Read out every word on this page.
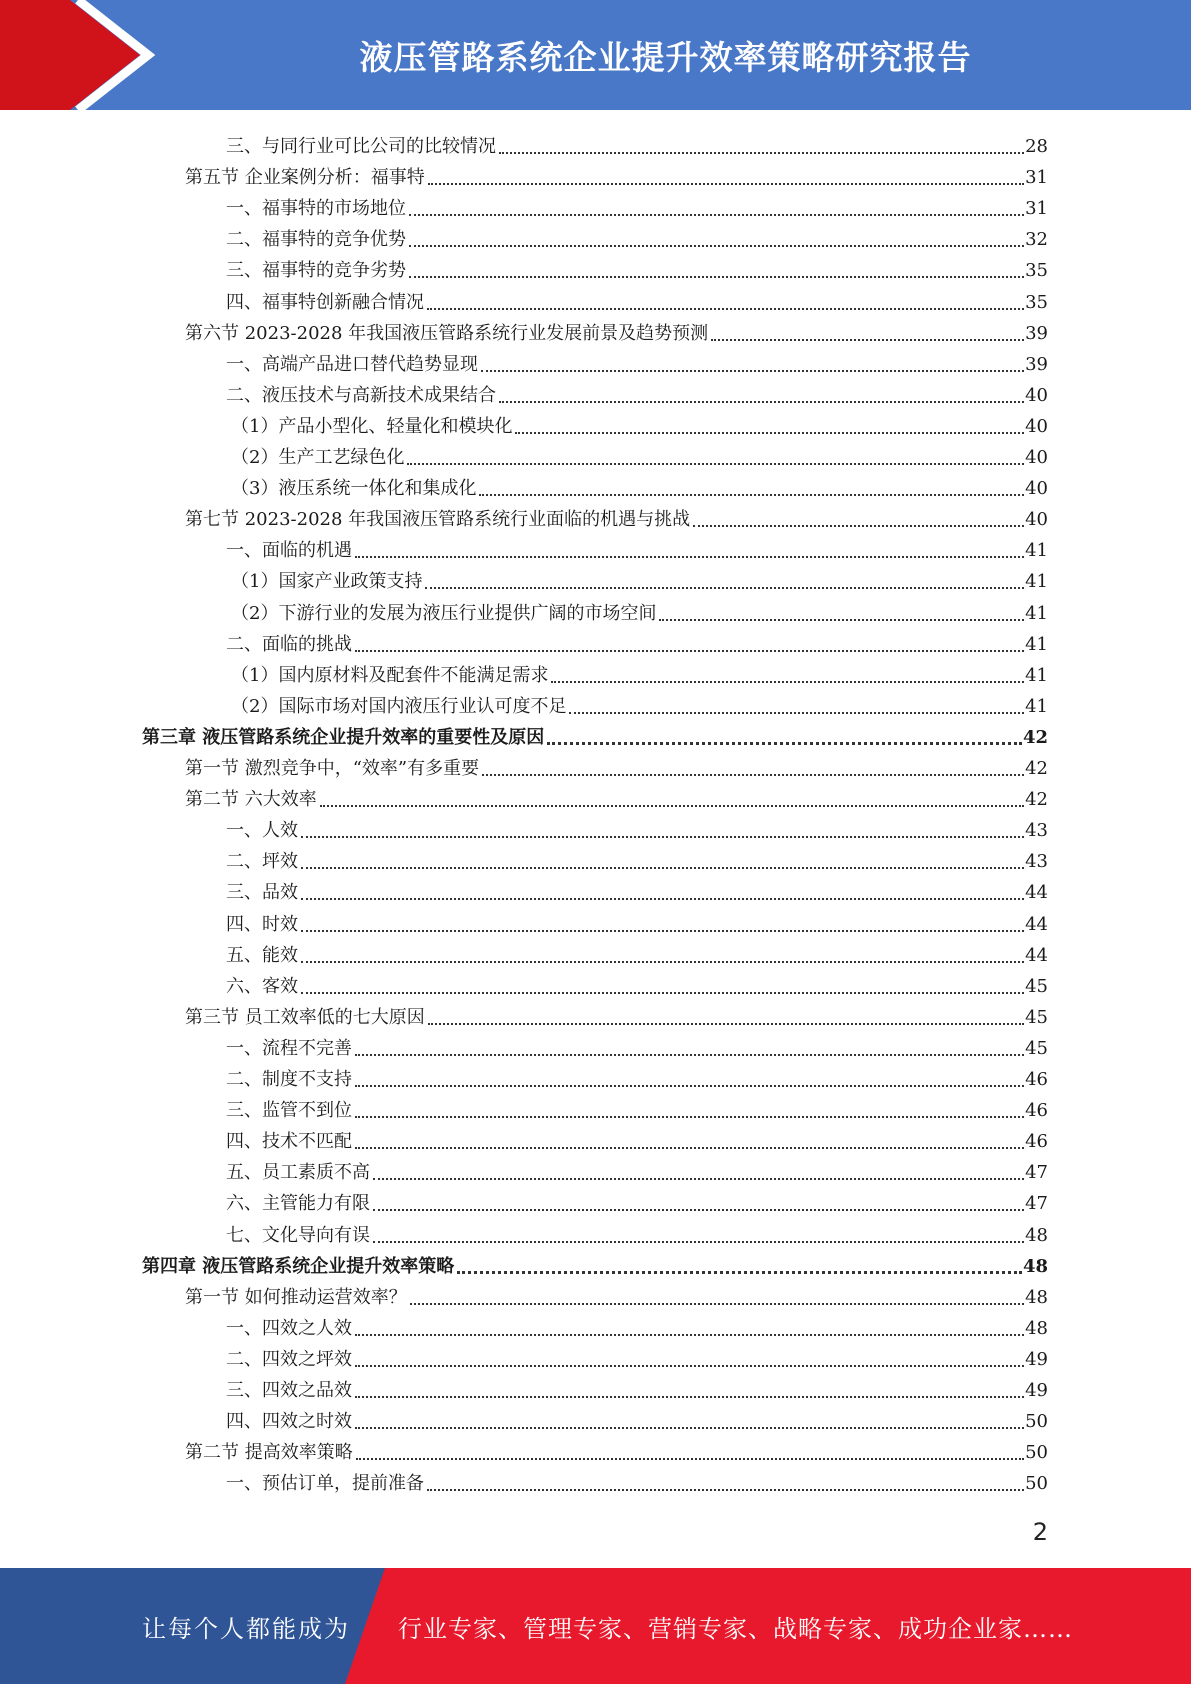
液压管路系统企业提升效率策略研究报告
三、与同行业可比公司的比较情况	28
第五节 企业案例分析：福事特	31
一、福事特的市场地位	31
二、福事特的竞争优势	32
三、福事特的竞争劣势	35
四、福事特创新融合情况	35
第六节 2023-2028 年我国液压管路系统行业发展前景及趋势预测	39
一、高端产品进口替代趋势显现	39
二、液压技术与高新技术成果结合	40
（1）产品小型化、轻量化和模块化	40
（2）生产工艺绿色化	40
（3）液压系统一体化和集成化	40
第七节 2023-2028 年我国液压管路系统行业面临的机遇与挑战	40
一、面临的机遇	41
（1）国家产业政策支持	41
（2）下游行业的发展为液压行业提供广阔的市场空间	41
二、面临的挑战	41
（1）国内原材料及配套件不能满足需求	41
（2）国际市场对国内液压行业认可度不足	41
第三章 液压管路系统企业提升效率的重要性及原因	42
第一节 激烈竞争中，“效率”有多重要	42
第二节 六大效率	42
一、人效	43
二、坪效	43
三、品效	44
四、时效	44
五、能效	44
六、客效	45
第三节 员工效率低的七大原因	45
一、流程不完善	45
二、制度不支持	46
三、监管不到位	46
四、技术不匹配	46
五、员工素质不高	47
六、主管能力有限	47
七、文化导向有误	48
第四章 液压管路系统企业提升效率策略	48
第一节 如何推动运营效率？	48
一、四效之人效	48
二、四效之坪效	49
三、四效之品效	49
四、四效之时效	50
第二节 提高效率策略	50
一、预估订单，提前准备	50
2
让每个人都能成为 行业专家、管理专家、营销专家、战略专家、成功企业家……
